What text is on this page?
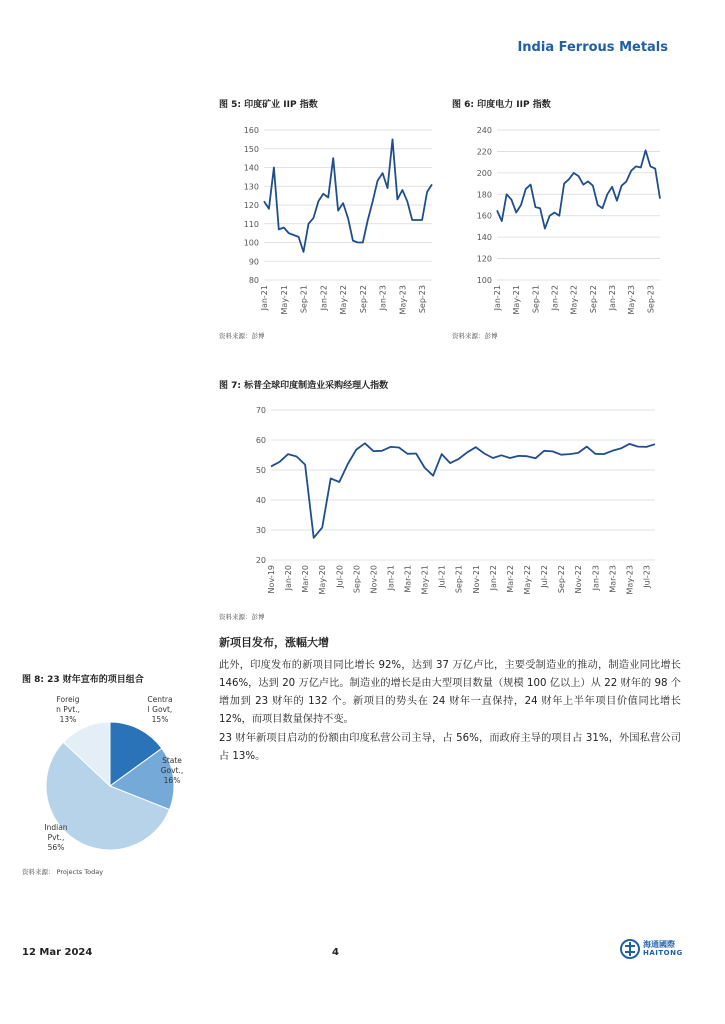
India Ferrous Metals
图 5: 印度矿业 IIP 指数
160
150
140
130
120
110
100
90
80
Jan-21 May-21 Sep-21 Jan-22 May-22 Sep-22 Jan-23 May-23 Sep-23
资料来源：彭博
图 6: 印度电力 IIP 指数
240
220
200
180
160
140
120
100
Jan-21 May-21 Sep-21 Jan-22 May-22 Sep-22 Jan-23 May-23 Sep-23
资料来源：彭博
图 7: 标普全球印度制造业采购经理人指数
70
60
50
40
30
20
Nov-19 Jan-20 Mar-20 May-20 Jul-20 Sep-20 Nov-20 Jan-21 Mar-21 May-21 Jul-21 Sep-21 Nov-21 Jan-22 Mar-22 May-22 Jul-22 Sep-22 Nov-22 Jan-23 Mar-23 May-23 Jul-23
资料来源：彭博
新项目发布，涨幅大增
此外，印度发布的新项目同比增长 92%，达到 37 万亿卢比，主要受制造业的推动，制造业同比增长 146%，达到 20 万亿卢比。制造业的增长是由大型项目数量（规模 100 亿以上）从 22 财年的 98 个增加到 23 财年的 132 个。新项目的势头在 24 财年一直保持，24 财年上半年项目价值同比增长 12%，而项目数量保持不变。
23 财年新项目启动的份额由印度私营公司主导，占 56%，而政府主导的项目占 31%，外国私营公司占 13%。
图 8: 23 财年宣布的项目组合
Centra
l Govt,
15%
State
Govt.,
16%
Indian
Pvt.,
56%
Foreig
n Pvt.,
13%
资料来源： Projects Today
12 Mar 2024	4
海通國際
HAITONG
